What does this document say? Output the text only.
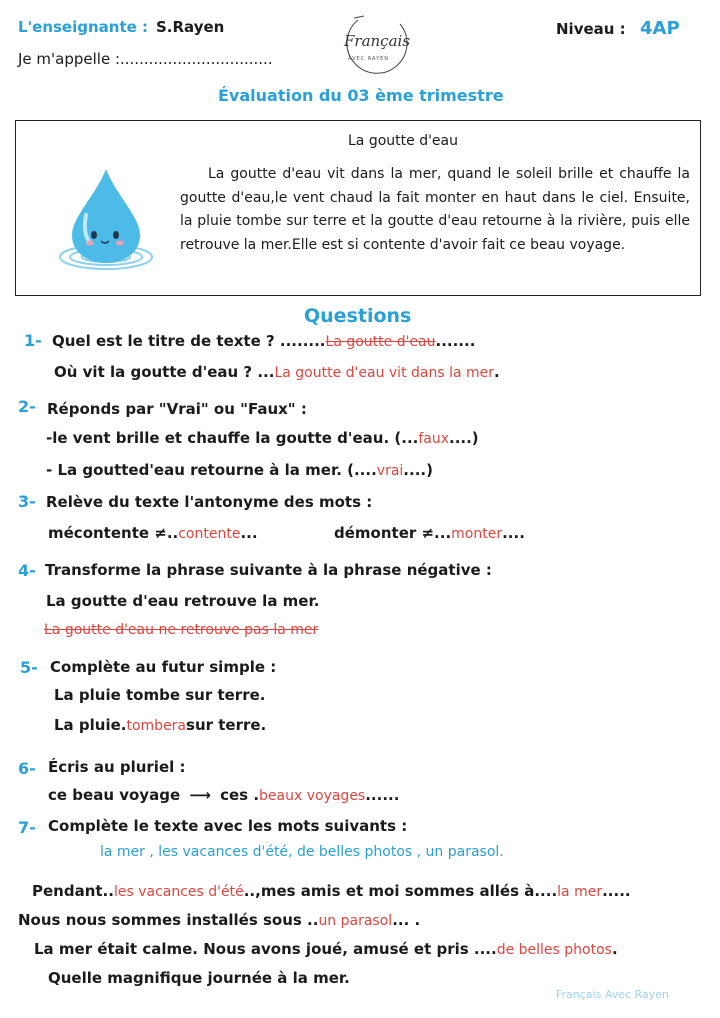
L'enseignante : S.Rayen
Je m'appelle :................................
Français
AVEC RAYEN
Niveau : 4AP
Évaluation du 03 ème trimestre
La goutte d'eau
La goutte d'eau vit dans la mer, quand le soleil brille et chauffe la goutte d'eau,le vent chaud la fait monter en haut dans le ciel. Ensuite, la pluie tombe sur terre et la goutte d'eau retourne à la rivière, puis elle retrouve la mer.Elle est si contente d'avoir fait ce beau voyage.
Questions
1- Quel est le titre de texte ? ........La goutte d'eau.......
Où vit la goutte d'eau ? ...La goutte d'eau vit dans la mer.
2- Réponds par "Vrai" ou "Faux" :
-le vent brille et chauffe la goutte d'eau. (...faux....)
- La goutted'eau retourne à la mer. (....vrai....)
3- Relève du texte l'antonyme des mots :
mécontente ≠..contente...	démonter ≠...monter....
4- Transforme la phrase suivante à la phrase négative :
La goutte d'eau retrouve la mer.
La goutte d'eau ne retrouve pas la mer
5- Complète au futur simple :
La pluie tombe sur terre.
La pluie.tomberasur terre.
6- Écris au pluriel :
ce beau voyage ⟶ ces .beaux voyages......
7- Complète le texte avec les mots suivants :
la mer , les vacances d'été, de belles photos , un parasol.
Pendant..les vacances d'été..,mes amis et moi sommes allés à....la mer.....
Nous nous sommes installés sous ..un parasol... .
La mer était calme. Nous avons joué, amusé et pris ....de belles photos.
Quelle magnifique journée à la mer.
Français Avec Rayen
